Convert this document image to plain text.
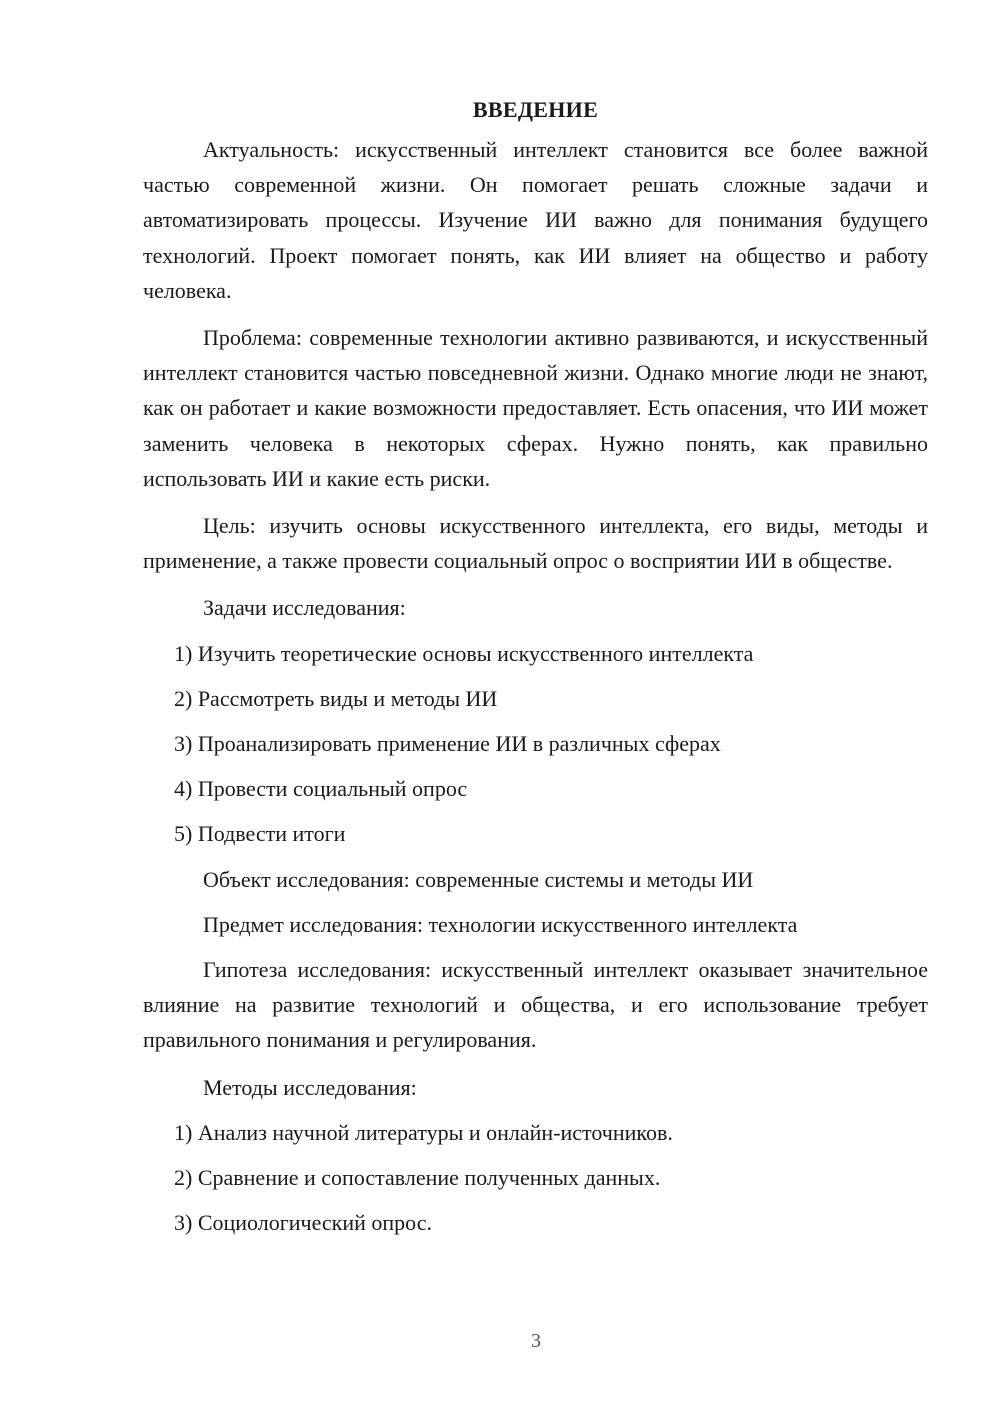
ВВЕДЕНИЕ

Актуальность: искусственный интеллект становится все более важной частью современной жизни. Он помогает решать сложные задачи и автоматизировать процессы. Изучение ИИ важно для понимания будущего технологий. Проект помогает понять, как ИИ влияет на общество и работу человека.

Проблема: современные технологии активно развиваются, и искусственный интеллект становится частью повседневной жизни. Однако многие люди не знают, как он работает и какие возможности предоставляет. Есть опасения, что ИИ может заменить человека в некоторых сферах. Нужно понять, как правильно использовать ИИ и какие есть риски.

Цель: изучить основы искусственного интеллекта, его виды, методы и применение, а также провести социальный опрос о восприятии ИИ в обществе.

Задачи исследования:
1) Изучить теоретические основы искусственного интеллекта
2) Рассмотреть виды и методы ИИ
3) Проанализировать применение ИИ в различных сферах
4) Провести социальный опрос
5) Подвести итоги
Объект исследования: современные системы и методы ИИ
Предмет исследования: технологии искусственного интеллекта

Гипотеза исследования: искусственный интеллект оказывает значительное влияние на развитие технологий и общества, и его использование требует правильного понимания и регулирования.

Методы исследования:
1) Анализ научной литературы и онлайн-источников.
2) Сравнение и сопоставление полученных данных.
3) Социологический опрос.
3
